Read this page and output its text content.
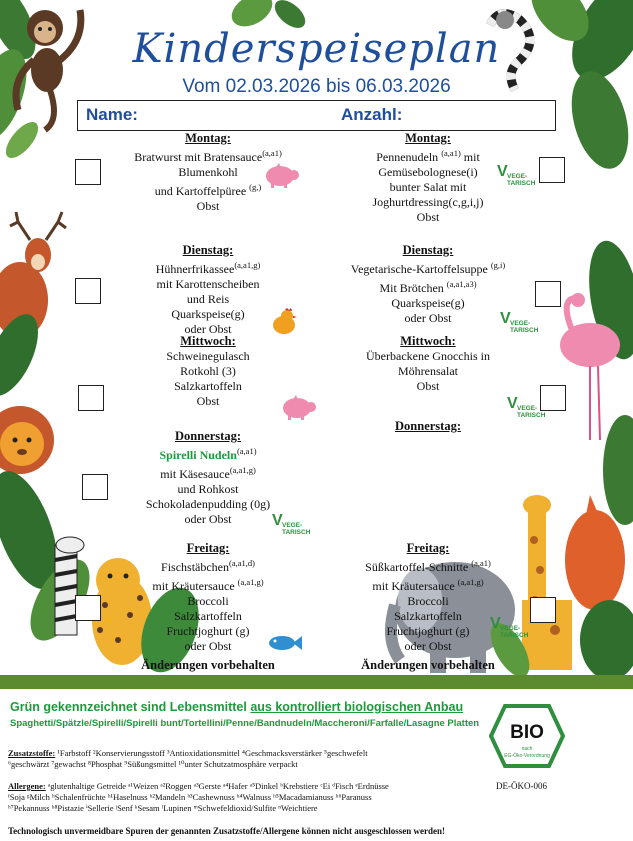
Kinderspeiseplan
Vom 02.03.2026 bis 06.03.2026
Name:	Anzahl:
Montag:
Bratwurst mit Bratensauce$^{(a,a1)}$
Blumenkohl
und Kartoffelpüree $^{(g,)}$
Obst
Dienstag:
Hühnerfrikassee$^{(a,a1,g)}$
mit Karottenscheiben
und Reis
Quarkspeise(g)
oder Obst
Mittwoch:
Schweinegulasch
Rotkohl (3)
Salzkartoffeln
Obst
Donnerstag:
Spirelli Nudeln$^{(a,a1)}$
mit Käsesauce$^{(a,a1,g)}$
und Rohkost
Schokoladenpudding (0g)
oder Obst
Freitag:
Fischstäbchen$^{(a,a1,d)}$
mit Kräutersauce $^{(a,a1,g)}$
Broccoli
Salzkartoffeln
Fruchtjoghurt (g)
oder Obst
Änderungen vorbehalten
Montag:
Pennenudeln $^{(a,a1)}$ mit
Gemüsebolognese(i)
bunter Salat mit
Joghurtdressing(c,g,i,j)
Obst
Dienstag:
Vegetarische-Kartoffelsuppe $^{(g,i)}$
Mit Brötchen $^{(a,a1,a3)}$
Quarkspeise(g)
oder Obst
Mittwoch:
Überbackene Gnocchis in
Möhrensalat
Obst
Donnerstag:
Freitag:
Süßkartoffel-Schnitte $^{(a,a1)}$
mit Kräutersauce $^{(a,a1,g)}$
Broccoli
Salzkartoffeln
Fruchtjoghurt (g)
oder Obst
Änderungen vorbehalten
V VEGE-
TARISCH
V VEGE-
TARISCH
V VEGE-
TARISCH
V VEGE-
TARISCH
V VEGE-
TARISCH
Grün gekennzeichnet sind Lebensmittel aus kontrolliert biologischen Anbau
Spaghetti/Spätzle/Spirelli/Spirelli bunt/Tortellini/Penne/Bandnudeln/Maccheroni/Farfalle/Lasagne Platten BIO
nach
EG-Öko-Verordnung
DE-ÖKO-006
Zusatzstoffe: ¹Farbstoff ²Konservierungsstoff ³Antioxidationsmittel ⁴Geschmacksverstärker ⁵geschwefelt
⁶geschwärzt ⁷gewachst ⁸Phosphat ⁹Süßungsmittel ¹⁰unter Schutzatmosphäre verpackt
Allergene: ᵃglutenhaltige Getreide ᵃ¹Weizen ᵃ²Roggen ᵃ³Gerste ᵃ⁴Hafer ᵃ⁵Dinkel ᵇKrebstiere ᶜEi ᵈFisch ᵉErdnüsse
ᶠSoja ᵍMilch ʰSchalenfrüchte ʰ¹Haselnuss ʰ²Mandeln ʰ³Cashewnuss ʰ⁴Walnuss ʰ⁵Macadamianuss ʰ⁶Paranuss
ʰ⁷Pekannuss ʰ⁸Pistazie ⁱSellerie ʲSenf ᵏSesam ˡLupinen ᵐSchwefeldioxid/Sulfite ⁿWeichtiere
Technologisch unvermeidbare Spuren der genannten Zusatzstoffe/Allergene können nicht ausgeschlossen werden!
